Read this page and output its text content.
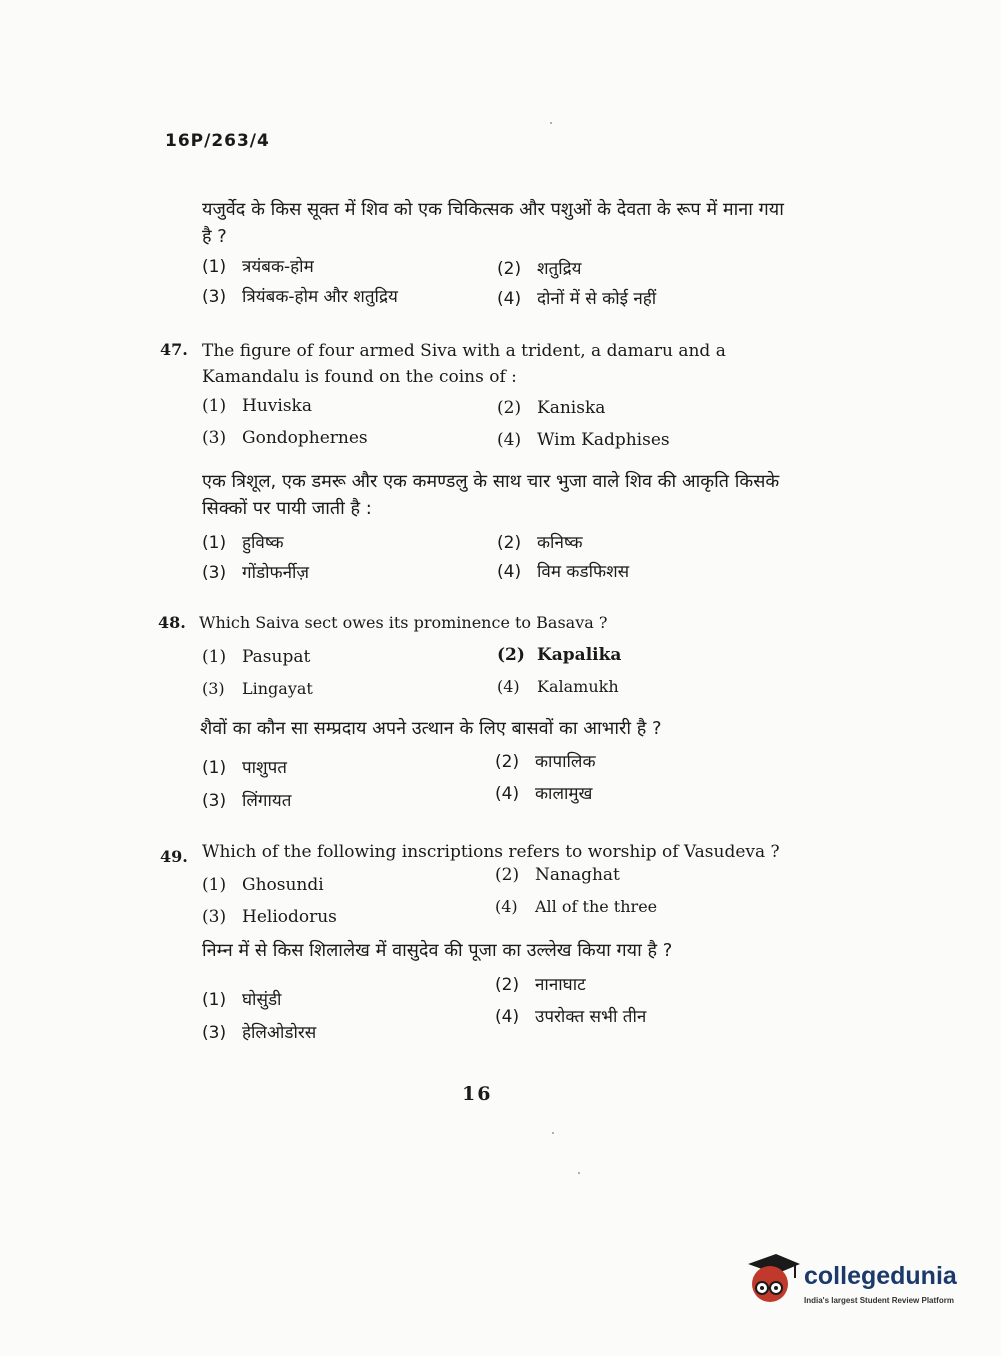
16P/263/4
यजुर्वेद के किस सूक्त में शिव को एक चिकित्सक और पशुओं के देवता के रूप में माना गया है ?
(1) त्रयंबक-होम	(2) शतुद्रिय
(3) त्रियंबक-होम और शतुद्रिय	(4) दोनों में से कोई नहीं
47. The figure of four armed Siva with a trident, a damaru and a Kamandalu is found on the coins of :
(1) Huviska	(2) Kaniska
(3) Gondophernes	(4) Wim Kadphises
एक त्रिशूल, एक डमरू और एक कमण्डलु के साथ चार भुजा वाले शिव की आकृति किसके सिक्कों पर पायी जाती है :
(1) हुविष्क	(2) कनिष्क
(3) गोंडोफर्नीज़	(4) विम कडफिशस
48. Which Saiva sect owes its prominence to Basava ?
(1) Pasupat	(2) Kapalika
(3) Lingayat	(4) Kalamukh
शैवों का कौन सा सम्प्रदाय अपने उत्थान के लिए बासवों का आभारी है ?
(1) पाशुपत	(2) कापालिक
(3) लिंगायत	(4) कालामुख
49. Which of the following inscriptions refers to worship of Vasudeva ?
(1) Ghosundi	(2) Nanaghat
(3) Heliodorus
(4) All of the three
निम्न में से किस शिलालेख में वासुदेव की पूजा का उल्लेख किया गया है ?
(1) घोसुंडी
(2) नानाघाट
(3) हेलिओडोरस
(4) उपरोक्त सभी तीन
16
collegedunia
India's largest Student Review Platform
